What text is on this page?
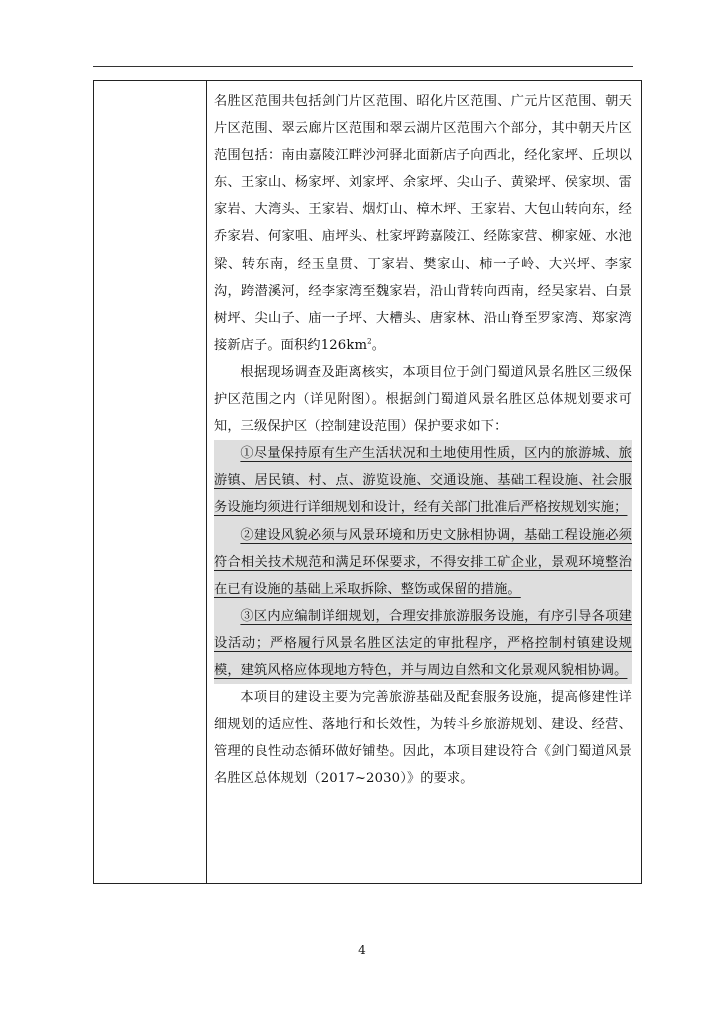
名胜区范围共包括剑门片区范围、昭化片区范围、广元片区范围、朝天片区范围、翠云廊片区范围和翠云湖片区范围六个部分，其中朝天片区范围包括：南由嘉陵江畔沙河驿北面新店子向西北，经化家坪、丘坝以东、王家山、杨家坪、刘家坪、余家坪、尖山子、黄梁坪、侯家坝、雷家岩、大湾头、王家岩、烟灯山、樟木坪、王家岩、大包山转向东，经乔家岩、何家咀、庙坪头、杜家坪跨嘉陵江、经陈家营、柳家娅、水池梁、转东南，经玉皇贯、丁家岩、樊家山、柿一子岭、大兴坪、李家沟，跨潜溪河，经李家湾至魏家岩，沿山背转向西南，经吴家岩、白景树坪、尖山子、庙一子坪、大槽头、唐家林、沿山脊至罗家湾、郑家湾接新店子。面积约$126km^2$。

根据现场调查及距离核实，本项目位于剑门蜀道风景名胜区三级保护区范围之内（详见附图）。根据剑门蜀道风景名胜区总体规划要求可知，三级保护区（控制建设范围）保护要求如下：

①尽量保持原有生产生活状况和土地使用性质，区内的旅游城、旅游镇、居民镇、村、点、游览设施、交通设施、基础工程设施、社会服务设施均须进行详细规划和设计，经有关部门批准后严格按规划实施；

②建设风貌必须与风景环境和历史文脉相协调，基础工程设施必须符合相关技术规范和满足环保要求，不得安排工矿企业，景观环境整治在已有设施的基础上采取拆除、整饬或保留的措施。

③区内应编制详细规划，合理安排旅游服务设施，有序引导各项建设活动；严格履行风景名胜区法定的审批程序，严格控制村镇建设规模，建筑风格应体现地方特色，并与周边自然和文化景观风貌相协调。

本项目的建设主要为完善旅游基础及配套服务设施，提高修建性详细规划的适应性、落地行和长效性，为转斗乡旅游规划、建设、经营、管理的良性动态循环做好铺垫。因此，本项目建设符合《剑门蜀道风景名胜区总体规划（2017~2030）》的要求。

4
